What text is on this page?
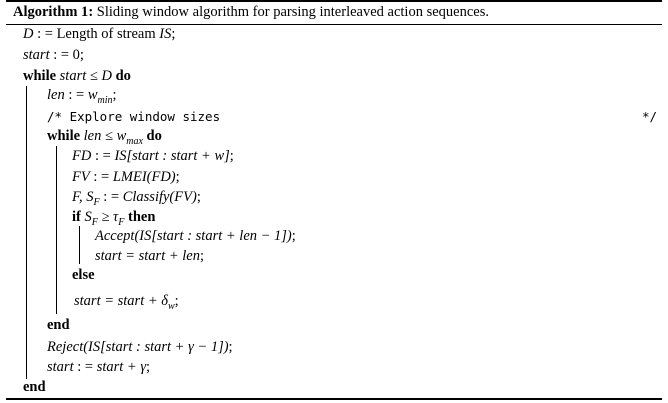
Algorithm 1: Sliding window algorithm for parsing interleaved action sequences.
D : = Length of stream IS;
start : = 0;
while start ≤ D do
len : = $w_{min}$;
/* Explore window sizes	*/
while len ≤ $w_{max}$ do
FD : = IS[start : start + w];
FV : = LMEI(FD);
F, $S_F$ : = Classify(FV);
if $S_F \ge \tau_F$ then
Accept(IS[start : start + len − 1]);
start = start + len;
else
start = start + $\delta_w$;
end
Reject(IS[start : start + γ − 1]);
start : = start + γ;
end
